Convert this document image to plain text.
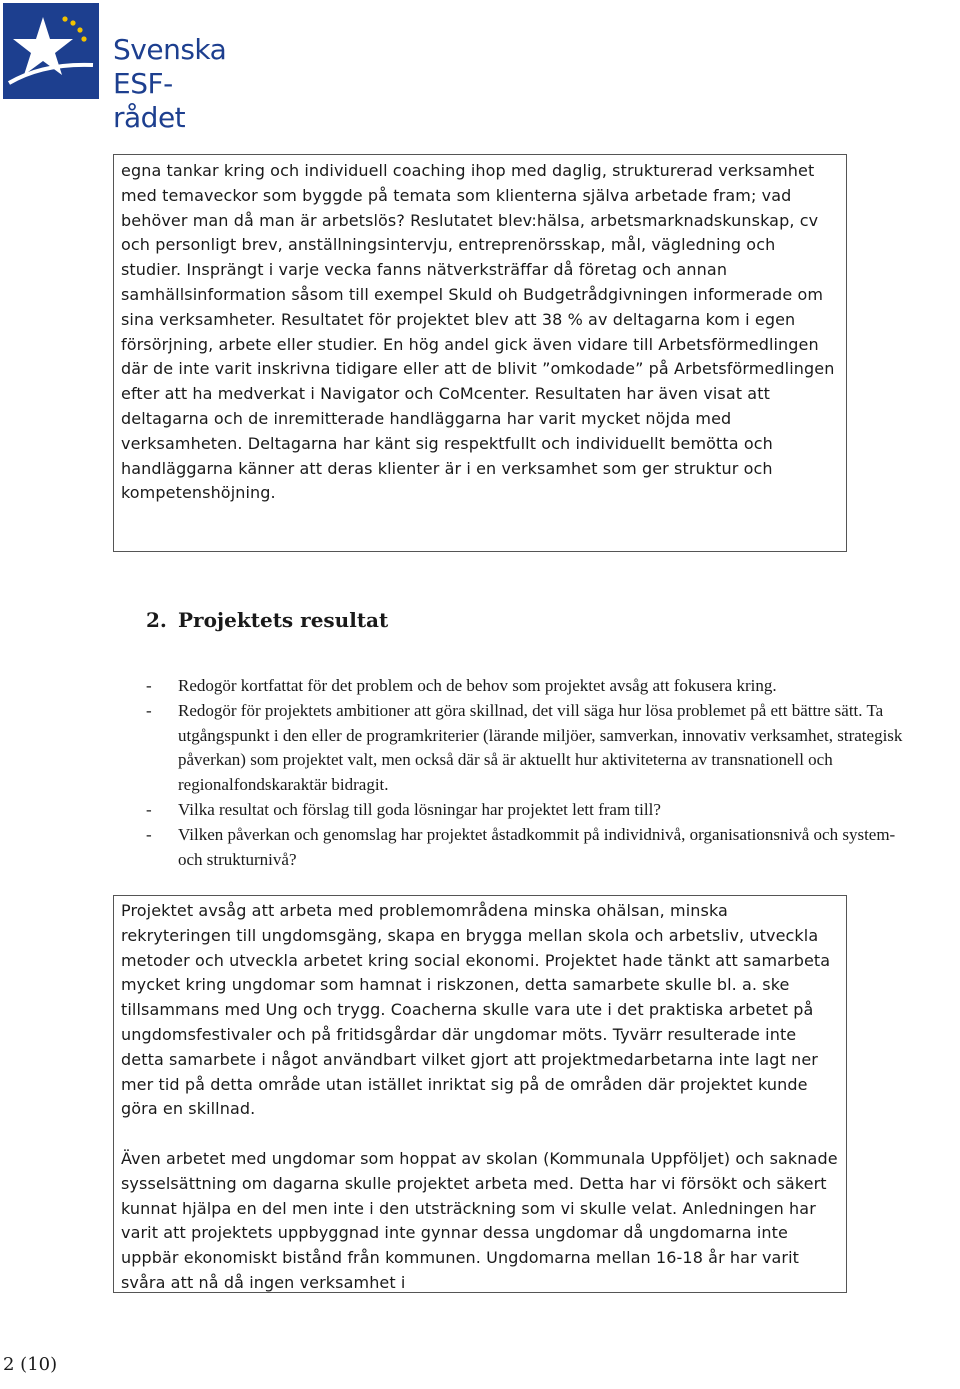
Svenska
ESF-rådet

egna tankar kring och individuell coaching ihop med daglig, strukturerad verksamhet med temaveckor som byggde på temata som klienterna själva arbetade fram; vad behöver man då man är arbetslös? Reslutatet blev:hälsa, arbetsmarknadskunskap, cv och personligt brev, anställningsintervju, entreprenörsskap, mål, vägledning och studier. Insprängt i varje vecka fanns nätverksträffar då företag och annan samhällsinformation såsom till exempel Skuld oh Budgetrådgivningen informerade om sina verksamheter. Resultatet för projektet blev att 38 % av deltagarna kom i egen försörjning, arbete eller studier. En hög andel gick även vidare till Arbetsförmedlingen där de inte varit inskrivna tidigare eller att de blivit ”omkodade” på Arbetsförmedlingen efter att ha medverkat i Navigator och CoMcenter. Resultaten har även visat att deltagarna och de inremitterade handläggarna har varit mycket nöjda med verksamheten. Deltagarna har känt sig respektfullt och individuellt bemötta och handläggarna känner att deras klienter är i en verksamhet som ger struktur och kompetenshöjning.

2. Projektets resultat
-	Redogör kortfattat för det problem och de behov som projektet avsåg att fokusera kring.
-	Redogör för projektets ambitioner att göra skillnad, det vill säga hur lösa problemet på ett bättre sätt. Ta utgångspunkt i den eller de programkriterier (lärande miljöer, samverkan, innovativ verksamhet, strategisk påverkan) som projektet valt, men också där så är aktuellt hur aktiviteterna av transnationell och regionalfondskaraktär bidragit.
-	Vilka resultat och förslag till goda lösningar har projektet lett fram till?
-	Vilken påverkan och genomslag har projektet åstadkommit på individnivå, organisationsnivå och system- och strukturnivå?

Projektet avsåg att arbeta med problemområdena minska ohälsan, minska rekryteringen till ungdomsgäng, skapa en brygga mellan skola och arbetsliv, utveckla metoder och utveckla arbetet kring social ekonomi. Projektet hade tänkt att samarbeta mycket kring ungdomar som hamnat i riskzonen, detta samarbete skulle bl. a. ske tillsammans med Ung och trygg. Coacherna skulle vara ute i det praktiska arbetet på ungdomsfestivaler och på fritidsgårdar där ungdomar möts. Tyvärr resulterade inte detta samarbete i något användbart vilket gjort att projektmedarbetarna inte lagt ner mer tid på detta område utan istället inriktat sig på de områden där projektet kunde göra en skillnad.

Även arbetet med ungdomar som hoppat av skolan (Kommunala Uppföljet) och saknade sysselsättning om dagarna skulle projektet arbeta med. Detta har vi försökt och säkert kunnat hjälpa en del men inte i den utsträckning som vi skulle velat. Anledningen har varit att projektets uppbyggnad inte gynnar dessa ungdomar då ungdomarna inte uppbär ekonomiskt bistånd från kommunen. Ungdomarna mellan 16-18 år har varit svåra att nå då ingen verksamhet i

2 (10)
